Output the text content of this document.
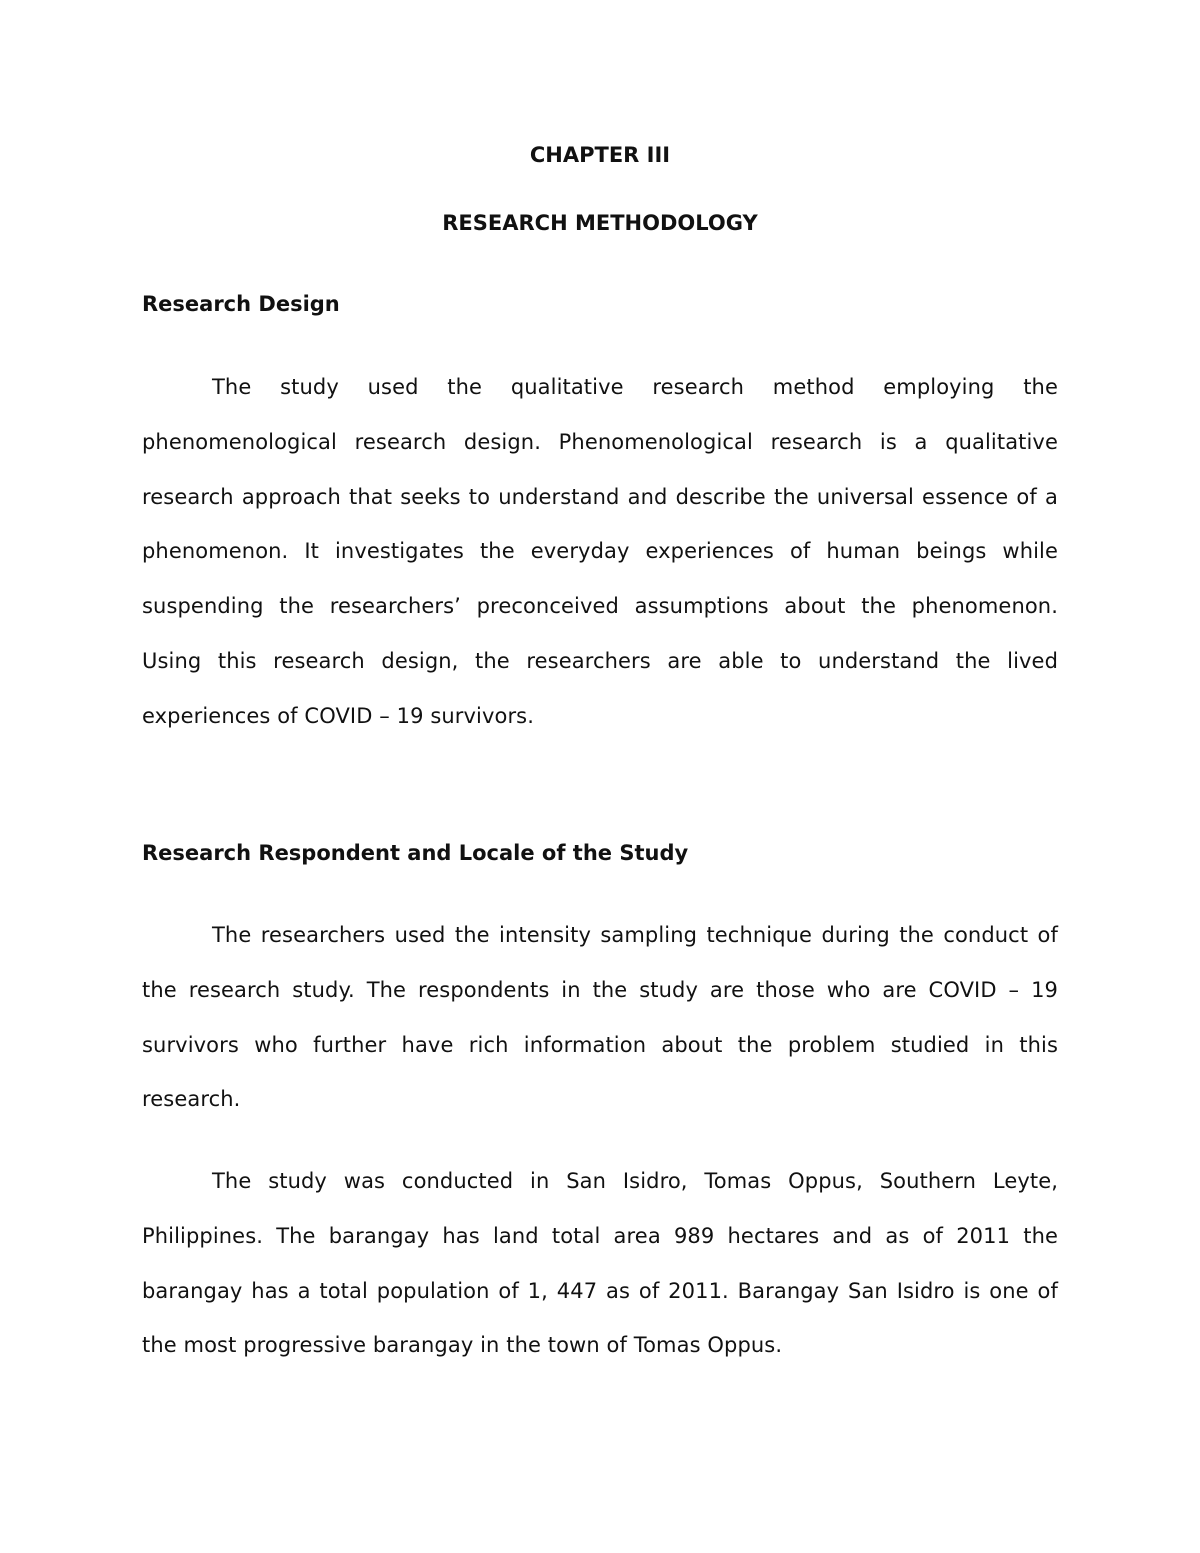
CHAPTER III
RESEARCH METHODOLOGY
Research Design

The study used the qualitative research method employing the phenomenological research design. Phenomenological research is a qualitative research approach that seeks to understand and describe the universal essence of a phenomenon. It investigates the everyday experiences of human beings while suspending the researchers’ preconceived assumptions about the phenomenon. Using this research design, the researchers are able to understand the lived experiences of COVID – 19 survivors.

Research Respondent and Locale of the Study

The researchers used the intensity sampling technique during the conduct of the research study. The respondents in the study are those who are COVID – 19 survivors who further have rich information about the problem studied in this research.

The study was conducted in San Isidro, Tomas Oppus, Southern Leyte, Philippines. The barangay has land total area 989 hectares and as of 2011 the barangay has a total population of 1, 447 as of 2011. Barangay San Isidro is one of the most progressive barangay in the town of Tomas Oppus.
